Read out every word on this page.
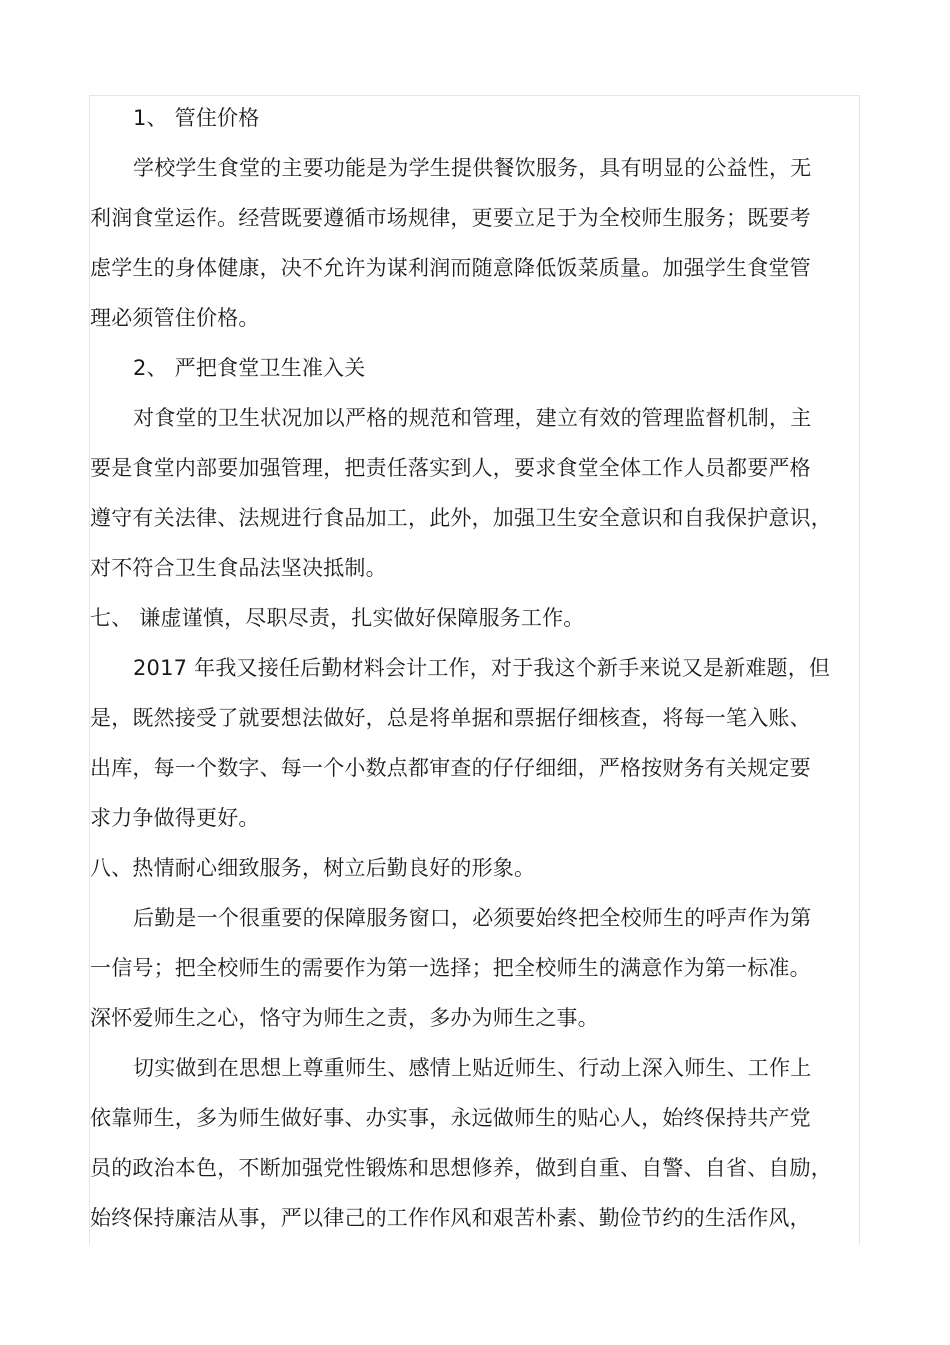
1、 管住价格
学校学生食堂的主要功能是为学生提供餐饮服务，具有明显的公益性，无
利润食堂运作。经营既要遵循市场规律，更要立足于为全校师生服务；既要考
虑学生的身体健康，决不允许为谋利润而随意降低饭菜质量。加强学生食堂管
理必须管住价格。
2、 严把食堂卫生准入关
对食堂的卫生状况加以严格的规范和管理，建立有效的管理监督机制，主
要是食堂内部要加强管理，把责任落实到人，要求食堂全体工作人员都要严格
遵守有关法律、法规进行食品加工，此外，加强卫生安全意识和自我保护意识，
对不符合卫生食品法坚决抵制。
七、 谦虚谨慎，尽职尽责，扎实做好保障服务工作。
2017 年我又接任后勤材料会计工作，对于我这个新手来说又是新难题，但
是，既然接受了就要想法做好，总是将单据和票据仔细核查，将每一笔入账、
出库，每一个数字、每一个小数点都审查的仔仔细细，严格按财务有关规定要
求力争做得更好。
八、热情耐心细致服务，树立后勤良好的形象。
后勤是一个很重要的保障服务窗口，必须要始终把全校师生的呼声作为第
一信号；把全校师生的需要作为第一选择；把全校师生的满意作为第一标准。
深怀爱师生之心，恪守为师生之责，多办为师生之事。
切实做到在思想上尊重师生、感情上贴近师生、行动上深入师生、工作上
依靠师生，多为师生做好事、办实事，永远做师生的贴心人，始终保持共产党
员的政治本色，不断加强党性锻炼和思想修养，做到自重、自警、自省、自励，
始终保持廉洁从事，严以律己的工作作风和艰苦朴素、勤俭节约的生活作风，
